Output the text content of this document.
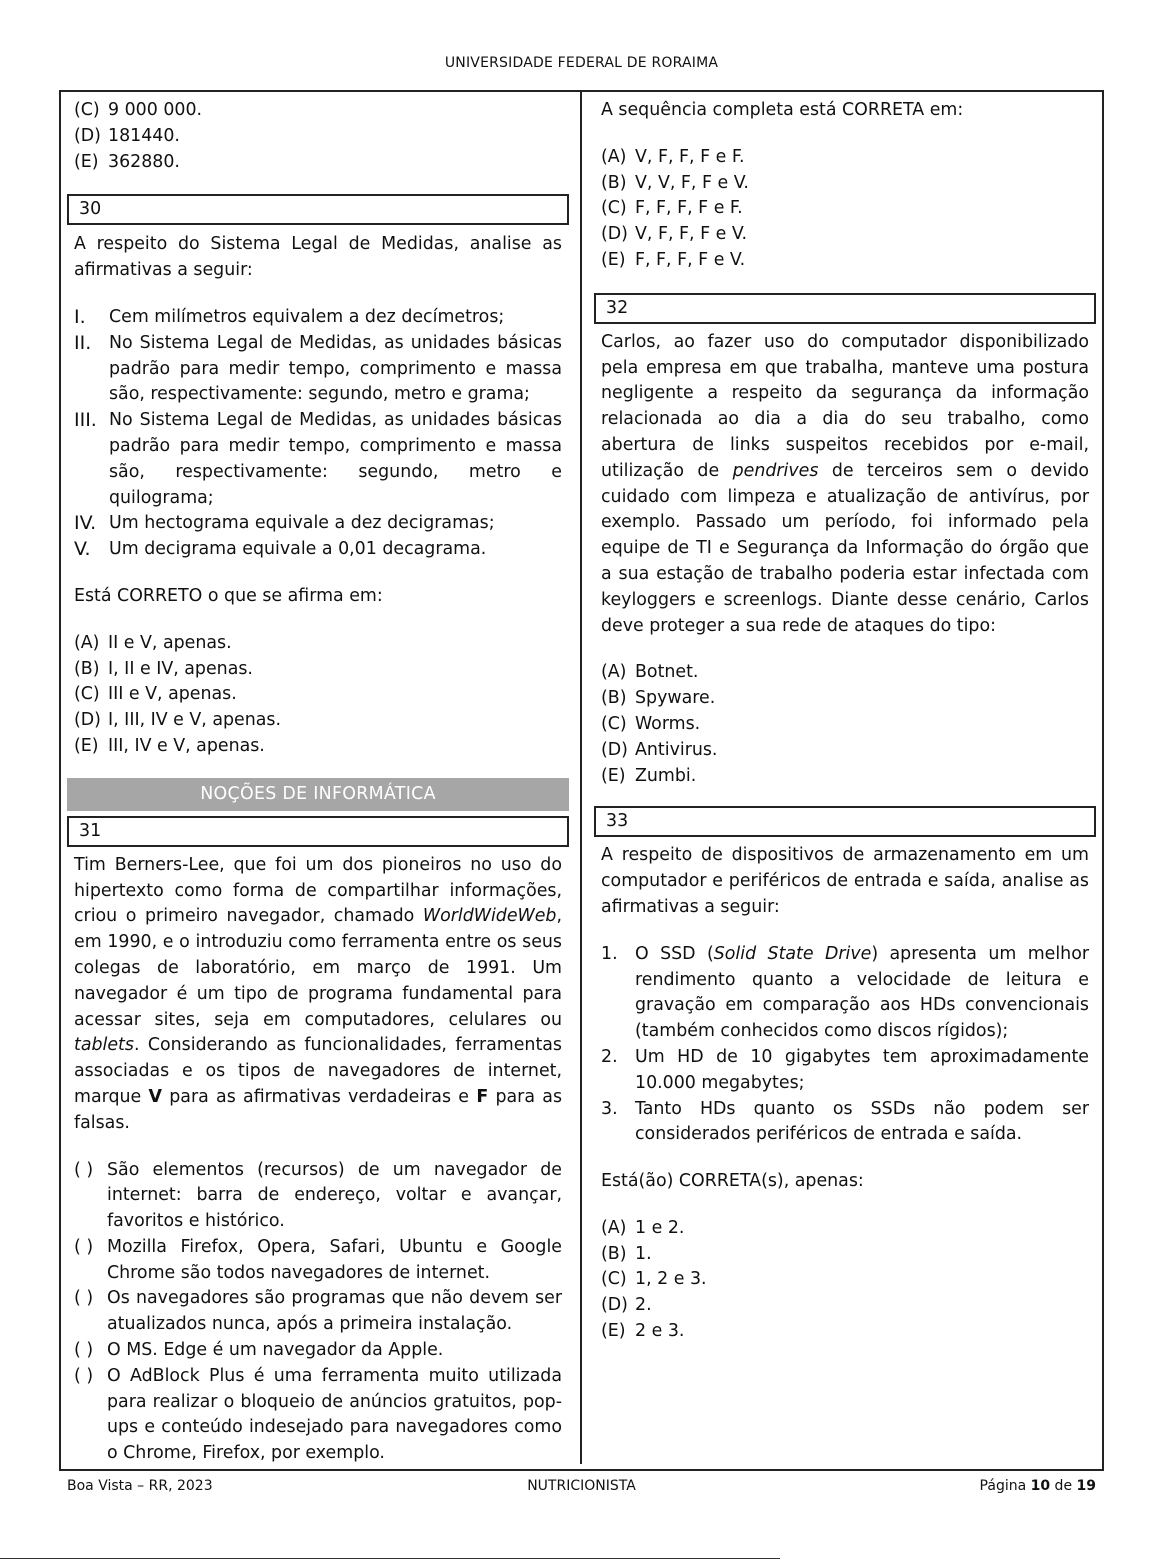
UNIVERSIDADE FEDERAL DE RORAIMA
(C) 9 000 000.
(D) 181440.
(E) 362880.
30
A respeito do Sistema Legal de Medidas, analise as afirmativas a seguir:
I.	Cem milímetros equivalem a dez decímetros;
II.	No Sistema Legal de Medidas, as unidades básicas padrão para medir tempo, comprimento e massa são, respectivamente: segundo, metro e grama;
III. No Sistema Legal de Medidas, as unidades básicas padrão para medir tempo, comprimento e massa são, respectivamente: segundo, metro e quilograma;
IV. Um hectograma equivale a dez decigramas;
V.	Um decigrama equivale a 0,01 decagrama.
Está CORRETO o que se afirma em:
(A) II e V, apenas.
(B) I, II e IV, apenas.
(C) III e V, apenas.
(D) I, III, IV e V, apenas.
(E) III, IV e V, apenas.
NOÇÕES DE INFORMÁTICA
31
Tim Berners-Lee, que foi um dos pioneiros no uso do hipertexto como forma de compartilhar informações, criou o primeiro navegador, chamado WorldWideWeb, em 1990, e o introduziu como ferramenta entre os seus colegas de laboratório, em março de 1991. Um navegador é um tipo de programa fundamental para acessar sites, seja em computadores, celulares ou tablets. Considerando as funcionalidades, ferramentas associadas e os tipos de navegadores de internet, marque V para as afirmativas verdadeiras e F para as falsas.
( ) São elementos (recursos) de um navegador de internet: barra de endereço, voltar e avançar, favoritos e histórico.
( ) Mozilla Firefox, Opera, Safari, Ubuntu e Google Chrome são todos navegadores de internet.
( ) Os navegadores são programas que não devem ser atualizados nunca, após a primeira instalação.
( ) O MS. Edge é um navegador da Apple.
( ) O AdBlock Plus é uma ferramenta muito utilizada para realizar o bloqueio de anúncios gratuitos, pop-ups e conteúdo indesejado para navegadores como o Chrome, Firefox, por exemplo.
A sequência completa está CORRETA em:
(A) V, F, F, F e F.
(B) V, V, F, F e V.
(C) F, F, F, F e F.
(D) V, F, F, F e V.
(E) F, F, F, F e V.
32
Carlos, ao fazer uso do computador disponibilizado pela empresa em que trabalha, manteve uma postura negligente a respeito da segurança da informação relacionada ao dia a dia do seu trabalho, como abertura de links suspeitos recebidos por e-mail, utilização de pendrives de terceiros sem o devido cuidado com limpeza e atualização de antivírus, por exemplo. Passado um período, foi informado pela equipe de TI e Segurança da Informação do órgão que a sua estação de trabalho poderia estar infectada com keyloggers e screenlogs. Diante desse cenário, Carlos deve proteger a sua rede de ataques do tipo:
(A) Botnet.
(B) Spyware.
(C) Worms.
(D) Antivirus.
(E) Zumbi.
33
A respeito de dispositivos de armazenamento em um computador e periféricos de entrada e saída, analise as afirmativas a seguir:
1.	O SSD (Solid State Drive) apresenta um melhor rendimento quanto a velocidade de leitura e gravação em comparação aos HDs convencionais (também conhecidos como discos rígidos);
2.	Um HD de 10 gigabytes tem aproximadamente 10.000 megabytes;
3.	Tanto HDs quanto os SSDs não podem ser considerados periféricos de entrada e saída.
Está(ão) CORRETA(s), apenas:
(A) 1 e 2.
(B) 1.
(C) 1, 2 e 3.
(D) 2.
(E) 2 e 3.
Boa Vista – RR, 2023	NUTRICIONISTA	Página 10 de 19
